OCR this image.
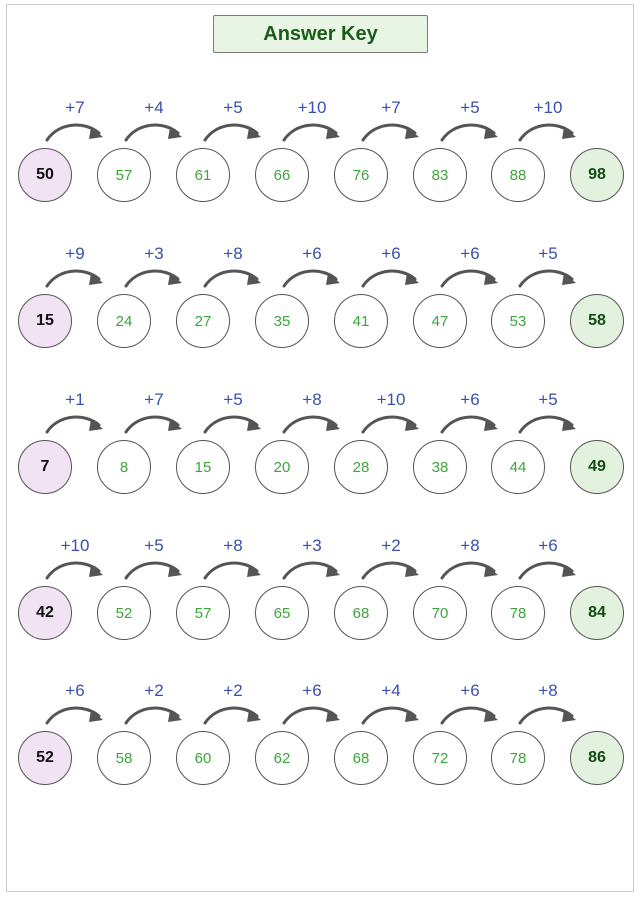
Answer Key
+7	+4	+5	+10	+7	+5	+10
50	57	61	66	76	83	88	98
+9	+3	+8	+6	+6	+6	+5
15	24	27	35	41	47	53	58
+1	+7	+5	+8	+10	+6	+5
7	8	15	20	28	38	44	49
+10	+5	+8	+3	+2	+8	+6
42	52	57	65	68	70	78	84
+6	+2	+2	+6	+4	+6	+8
52	58	60	62	68	72	78	86
